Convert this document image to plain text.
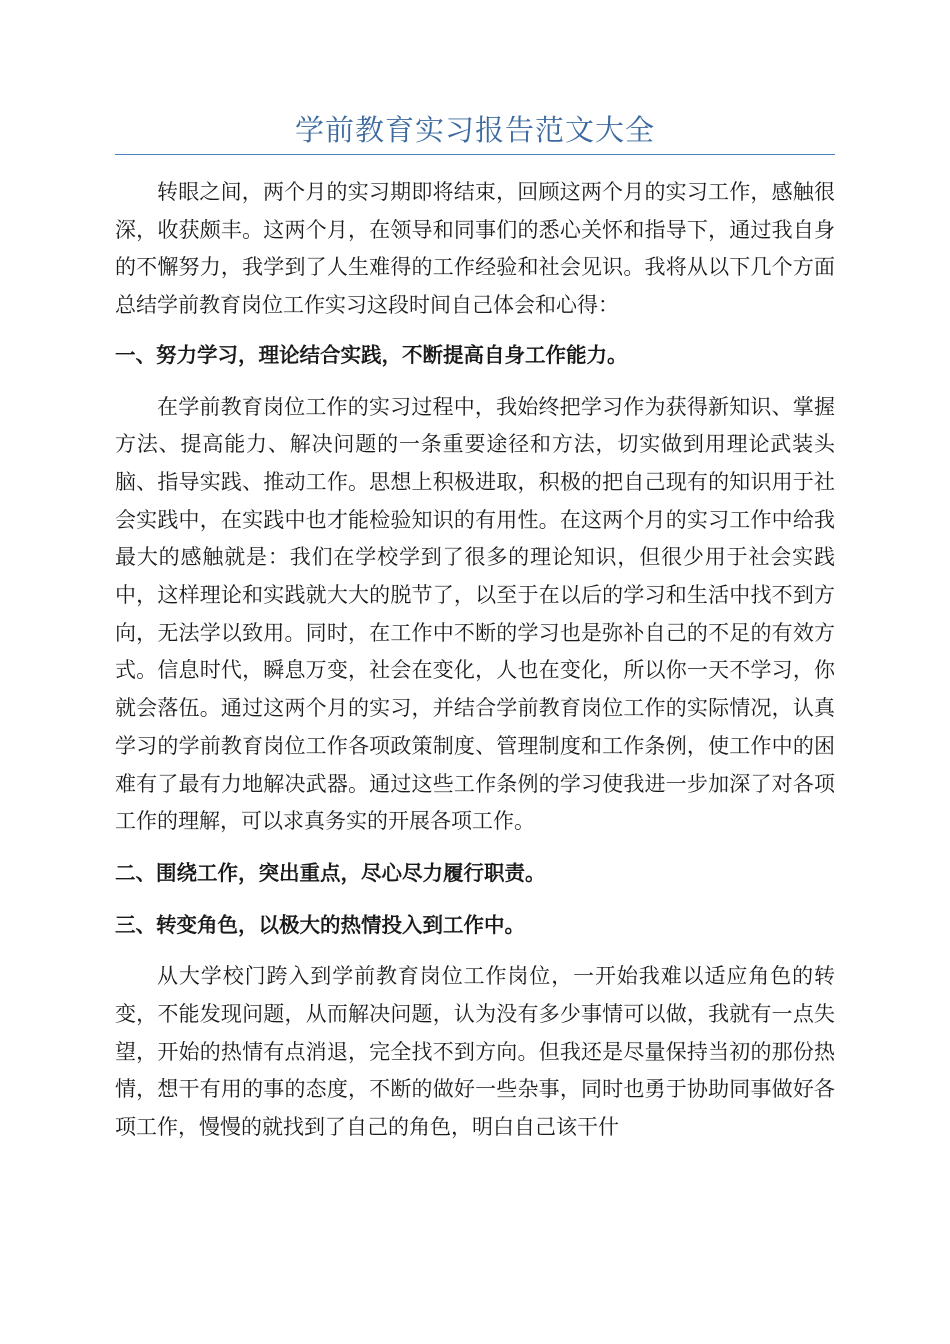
学前教育实习报告范文大全

转眼之间，两个月的实习期即将结束，回顾这两个月的实习工作，感触很深，收获颇丰。这两个月，在领导和同事们的悉心关怀和指导下，通过我自身的不懈努力，我学到了人生难得的工作经验和社会见识。我将从以下几个方面总结学前教育岗位工作实习这段时间自己体会和心得：

一、努力学习，理论结合实践，不断提高自身工作能力。

在学前教育岗位工作的实习过程中，我始终把学习作为获得新知识、掌握方法、提高能力、解决问题的一条重要途径和方法，切实做到用理论武装头脑、指导实践、推动工作。思想上积极进取，积极的把自己现有的知识用于社会实践中，在实践中也才能检验知识的有用性。在这两个月的实习工作中给我最大的感触就是：我们在学校学到了很多的理论知识，但很少用于社会实践中，这样理论和实践就大大的脱节了，以至于在以后的学习和生活中找不到方向，无法学以致用。同时，在工作中不断的学习也是弥补自己的不足的有效方式。信息时代，瞬息万变，社会在变化，人也在变化，所以你一天不学习，你就会落伍。通过这两个月的实习，并结合学前教育岗位工作的实际情况，认真学习的学前教育岗位工作各项政策制度、管理制度和工作条例，使工作中的困难有了最有力地解决武器。通过这些工作条例的学习使我进一步加深了对各项工作的理解，可以求真务实的开展各项工作。

二、围绕工作，突出重点，尽心尽力履行职责。

三、转变角色，以极大的热情投入到工作中。

从大学校门跨入到学前教育岗位工作岗位，一开始我难以适应角色的转变，不能发现问题，从而解决问题，认为没有多少事情可以做，我就有一点失望，开始的热情有点消退，完全找不到方向。但我还是尽量保持当初的那份热情，想干有用的事的态度，不断的做好一些杂事，同时也勇于协助同事做好各项工作，慢慢的就找到了自己的角色，明白自己该干什
